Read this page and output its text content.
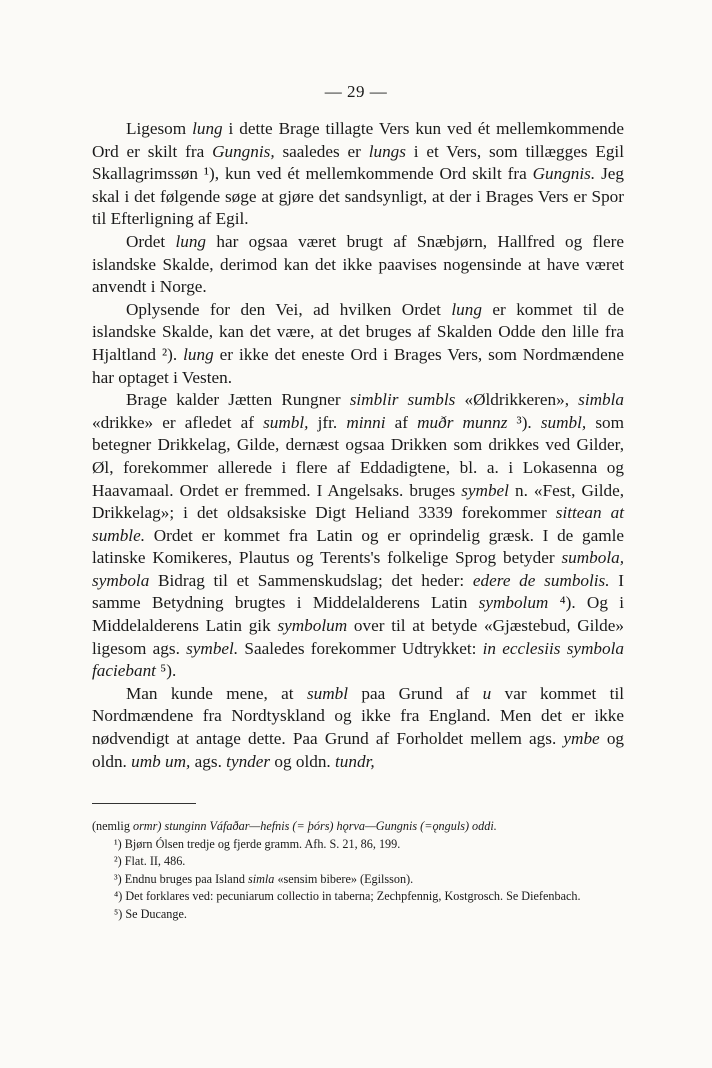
— 29 —

Ligesom lung i dette Brage tillagte Vers kun ved ét mellemkommende Ord er skilt fra Gungnis, saaledes er lungs i et Vers, som tillægges Egil Skallagrimssøn ¹), kun ved ét mellemkommende Ord skilt fra Gungnis. Jeg skal i det følgende søge at gjøre det sandsynligt, at der i Brages Vers er Spor til Efterligning af Egil.

Ordet lung har ogsaa været brugt af Snæbjørn, Hallfred og flere islandske Skalde, derimod kan det ikke paavises nogensinde at have været anvendt i Norge.

Oplysende for den Vei, ad hvilken Ordet lung er kommet til de islandske Skalde, kan det være, at det bruges af Skalden Odde den lille fra Hjaltland ²). lung er ikke det eneste Ord i Brages Vers, som Nordmændene har optaget i Vesten.

Brage kalder Jætten Rungner simblir sumbls «Øldrikkeren», simbla «drikke» er afledet af sumbl, jfr. minni af muðr munnz ³). sumbl, som betegner Drikkelag, Gilde, dernæst ogsaa Drikken som drikkes ved Gilder, Øl, forekommer allerede i flere af Eddadigtene, bl. a. i Lokasenna og Haavamaal. Ordet er fremmed. I Angelsaks. bruges symbel n. «Fest, Gilde, Drikkelag»; i det oldsaksiske Digt Heliand 3339 forekommer sittean at sumble. Ordet er kommet fra Latin og er oprindelig græsk. I de gamle latinske Komikeres, Plautus og Terents's folkelige Sprog betyder sumbola, symbola Bidrag til et Sammenskudslag; det heder: edere de sumbolis. I samme Betydning brugtes i Middelalderens Latin symbolum ⁴). Og i Middelalderens Latin gik symbolum over til at betyde «Gjæstebud, Gilde» ligesom ags. symbel. Saaledes forekommer Udtrykket: in ecclesiis symbola faciebant ⁵).

Man kunde mene, at sumbl paa Grund af u var kommet til Nordmændene fra Nordtyskland og ikke fra England. Men det er ikke nødvendigt at antage dette. Paa Grund af Forholdet mellem ags. ymbe og oldn. umb um, ags. tynder og oldn. tundr,

(nemlig ormr) stunginn Váfaðar—hefnis (= þórs) hǫrva—Gungnis (=ǫnguls) oddi.

¹) Bjørn Ólsen tredje og fjerde gramm. Afh. S. 21, 86, 199.

²) Flat. II, 486.

³) Endnu bruges paa Island simla «sensim bibere» (Egilsson).

⁴) Det forklares ved: pecuniarum collectio in taberna; Zechpfennig, Kostgrosch. Se Diefenbach.

⁵) Se Ducange.
